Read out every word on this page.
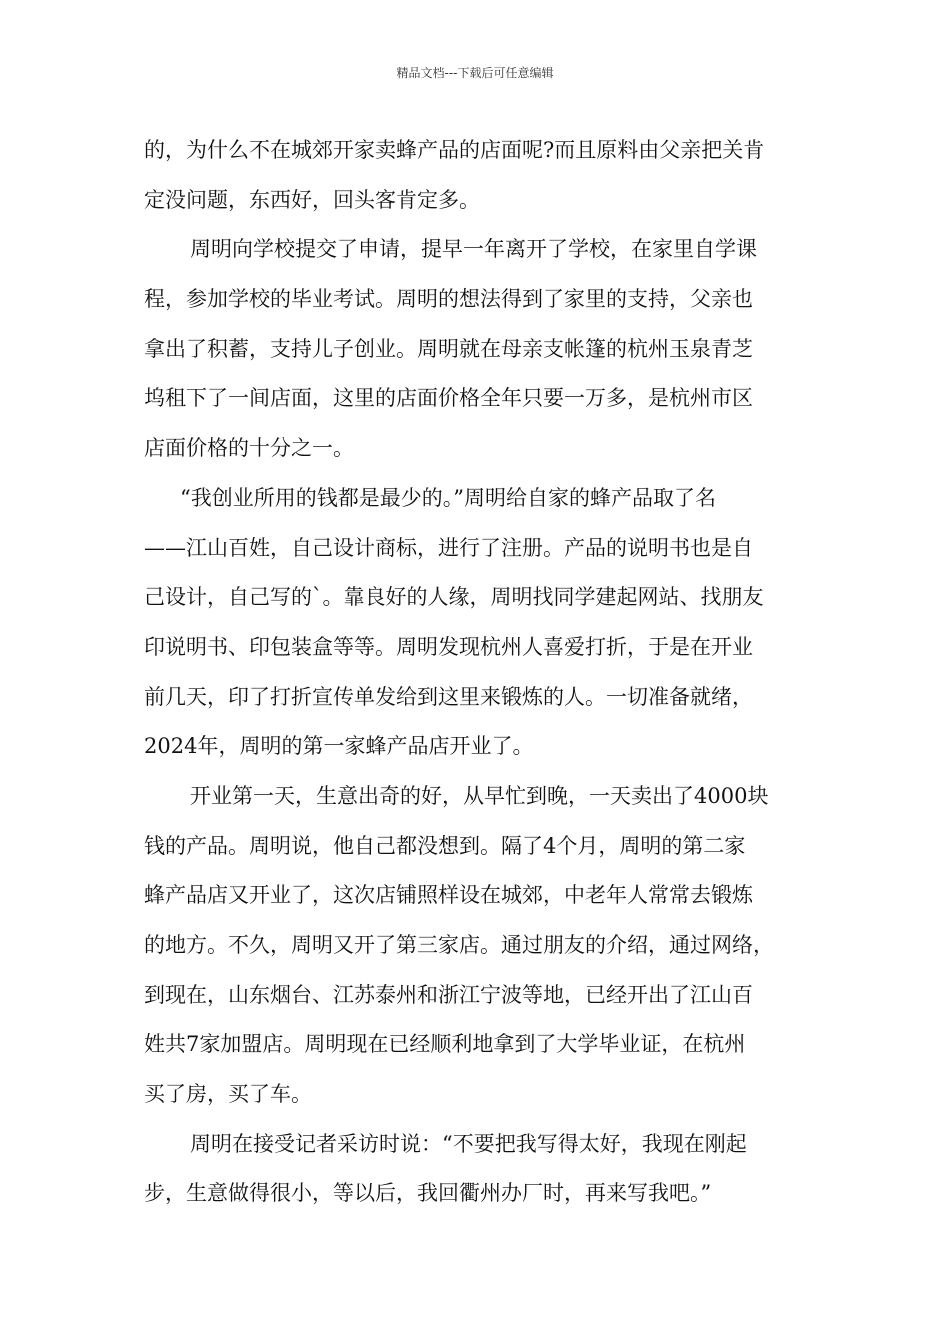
精品文档---下载后可任意编辑
的，为什么不在城郊开家卖蜂产品的店面呢?而且原料由父亲把关肯
定没问题，东西好，回头客肯定多。
周明向学校提交了申请，提早一年离开了学校，在家里自学课
程，参加学校的毕业考试。周明的想法得到了家里的支持，父亲也
拿出了积蓄，支持儿子创业。周明就在母亲支帐篷的杭州玉泉青芝
坞租下了一间店面，这里的店面价格全年只要一万多，是杭州市区
店面价格的十分之一。
“我创业所用的钱都是最少的。”周明给自家的蜂产品取了名
——江山百姓，自己设计商标，进行了注册。产品的说明书也是自
己设计，自己写的`。靠良好的人缘，周明找同学建起网站、找朋友
印说明书、印包装盒等等。周明发现杭州人喜爱打折，于是在开业
前几天，印了打折宣传单发给到这里来锻炼的人。一切准备就绪，
2024年，周明的第一家蜂产品店开业了。
开业第一天，生意出奇的好，从早忙到晚，一天卖出了4000块
钱的产品。周明说，他自己都没想到。隔了4个月，周明的第二家
蜂产品店又开业了，这次店铺照样设在城郊，中老年人常常去锻炼
的地方。不久，周明又开了第三家店。通过朋友的介绍，通过网络，
到现在，山东烟台、江苏泰州和浙江宁波等地，已经开出了江山百
姓共7家加盟店。周明现在已经顺利地拿到了大学毕业证，在杭州
买了房，买了车。
周明在接受记者采访时说：“不要把我写得太好，我现在刚起
步，生意做得很小，等以后，我回衢州办厂时，再来写我吧。”
